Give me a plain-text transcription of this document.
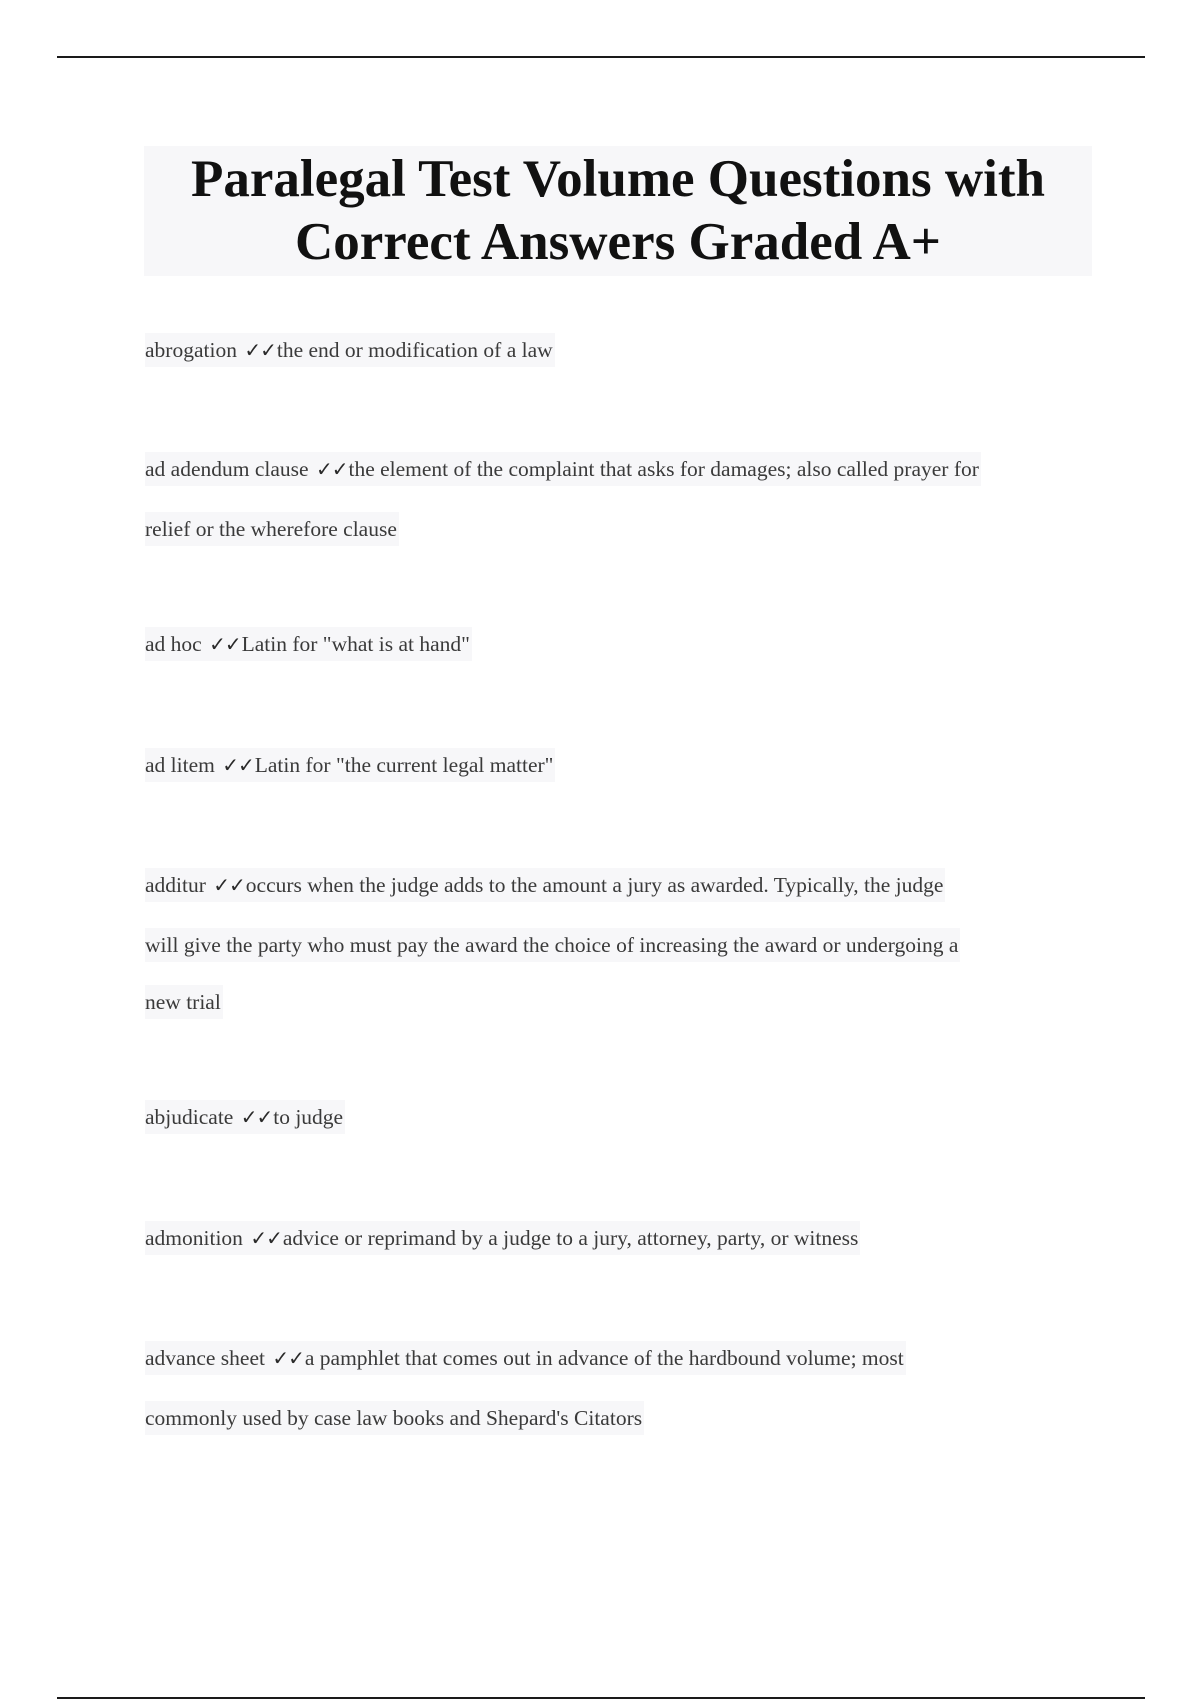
Paralegal Test Volume Questions with
Correct Answers Graded A+
abrogation ✓✓the end or modification of a law
ad adendum clause ✓✓the element of the complaint that asks for damages; also called prayer for
relief or the wherefore clause
ad hoc ✓✓Latin for "what is at hand"
ad litem ✓✓Latin for "the current legal matter"
additur ✓✓occurs when the judge adds to the amount a jury as awarded. Typically, the judge
will give the party who must pay the award the choice of increasing the award or undergoing a
new trial
abjudicate ✓✓to judge
admonition ✓✓advice or reprimand by a judge to a jury, attorney, party, or witness
advance sheet ✓✓a pamphlet that comes out in advance of the hardbound volume; most
commonly used by case law books and Shepard's Citators
